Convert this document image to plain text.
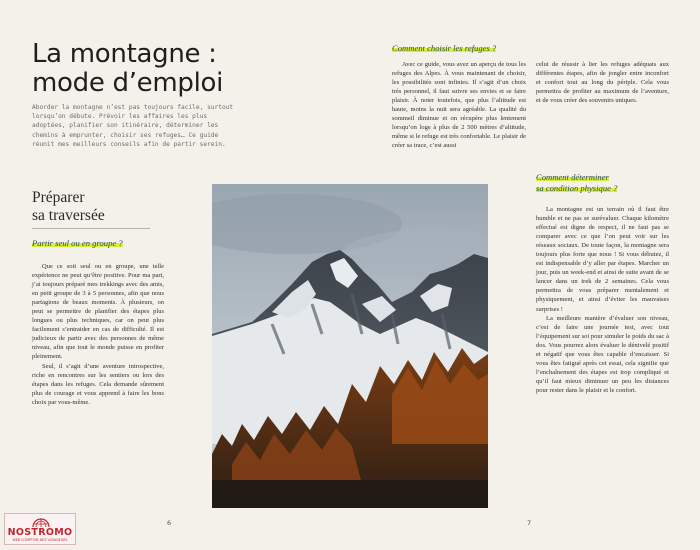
La montagne :
mode d’emploi
Aborder la montagne n’est pas toujours facile, surtout lorsqu’on débute. Prévoir les affaires les plus adoptées, planifier son itinéraire, déterminer les chemins à emprunter, choisir ses refuges… Ce guide réunit mes meilleurs conseils afin de partir serein.
Préparer
sa traversée
Partir seul ou en groupe ?

Que ce soit seul ou en groupe, une telle expérience ne peut qu’être positive. Pour ma part, j’ai toujours préparé mes trekkings avec des amis, en petit groupe de 3 à 5 personnes, afin que nous partagions de beaux moments. À plusieurs, on peut se permettre de planifier des étapes plus longues ou plus techniques, car on peut plus facilement s’entraider en cas de difficulté. Il est judicieux de partir avec des personnes de même niveau, afin que tout le monde puisse en profiter pleinement.

Seul, il s’agit d’une aventure introspective, riche en rencontres sur les sentiers ou lors des étapes dans les refuges. Cela demande sûrement plus de courage et vous apprend à faire les bons choix par vous-même.

6
Comment choisir les refuges ?

Avec ce guide, vous avez un aperçu de tous les refuges des Alpes. À vous maintenant de choisir, les possibilités sont infinies. Il s’agit d’un choix très personnel, il faut suivre ses envies et se faire plaisir. À noter toutefois, que plus l’altitude est haute, moins la nuit sera agréable. La qualité du sommeil diminue et on récupère plus lentement lorsqu’on loge à plus de 2 500 mètres d’altitude, même si le refuge est très confortable. Le plaisir de créer sa trace, c’est aussi

celui de réussir à lier les refuges adéquats aux différentes étapes, afin de jongler entre inconfort et confort tout au long du périple. Cela vous permettra de profiter au maximum de l’aventure, et de vous créer des souvenirs uniques.

Comment déterminer
sa condition physique ?

La montagne est un terrain où il faut être humble et ne pas se surévaluer. Chaque kilomètre effectué est digne de respect, il ne faut pas se comparer avec ce que l’on peut voir sur les réseaux sociaux. De toute façon, la montagne sera toujours plus forte que nous ! Si vous débutez, il est indispensable d’y aller par étapes. Marcher un jour, puis un week-end et ainsi de suite avant de se lancer dans un trek de 2 semaines. Cela vous permettra de vous préparer mentalement et physiquement, et ainsi d’éviter les mauvaises surprises !

La meilleure manière d’évaluer son niveau, c’est de faire une journée test, avec tout l’équipement sur soi pour simuler le poids du sac à dos. Vous pourrez alors évaluer le dénivelé positif et négatif que vous êtes capable d’encaisser. Si vous êtes fatigué après cet essai, cela signifie que l’enchaînement des étapes est trop compliqué et qu’il faut mieux diminuer un peu les distances pour rester dans le plaisir et le confort.

7
NOSTROMO
WEB COMPTOIR DES VOYAGEURS
